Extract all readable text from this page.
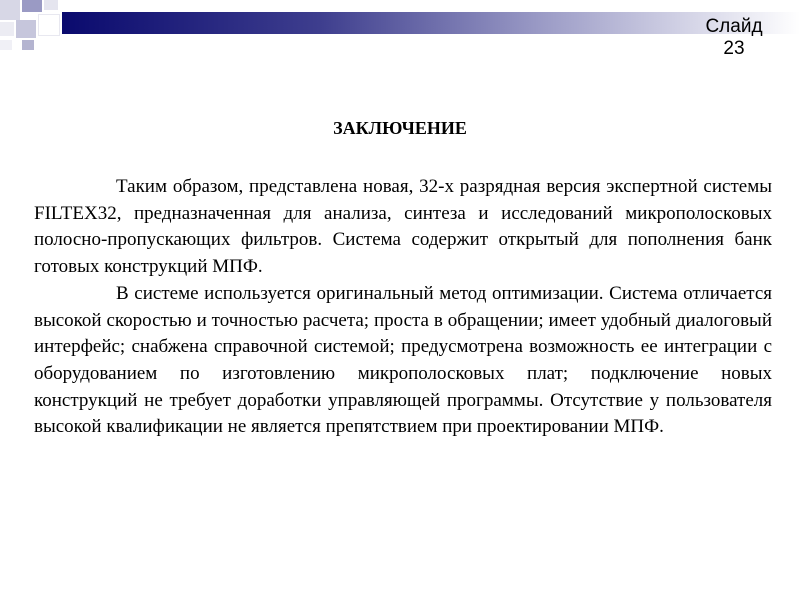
Слайд
23
ЗАКЛЮЧЕНИЕ

Таким образом, представлена новая, 32-х разрядная версия экспертной системы FILTEX32, предназначенная для анализа, синтеза и исследований микрополосковых полосно-пропускающих фильтров. Система содержит открытый для пополнения банк готовых конструкций МПФ.

В системе используется оригинальный метод оптимизации. Система отличается высокой скоростью и точностью расчета; проста в обращении; имеет удобный диалоговый интерфейс; снабжена справочной системой; предусмотрена возможность ее интеграции с оборудованием по изготовлению микрополосковых плат; подключение новых конструкций не требует доработки управляющей программы. Отсутствие у пользователя высокой квалификации не является препятствием при проектировании МПФ.
